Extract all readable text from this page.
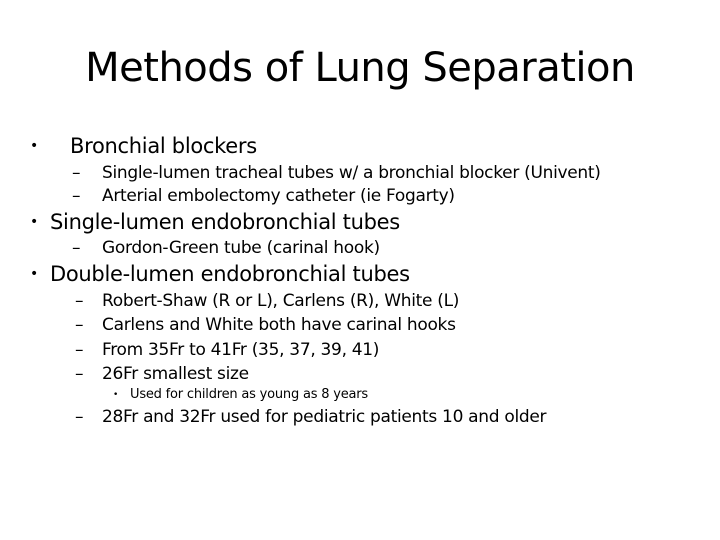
Methods of Lung Separation
• Bronchial blockers
– Single-lumen tracheal tubes w/ a bronchial blocker (Univent)
– Arterial embolectomy catheter (ie Fogarty)
• Single-lumen endobronchial tubes
– Gordon-Green tube (carinal hook)
• Double-lumen endobronchial tubes
– Robert-Shaw (R or L), Carlens (R), White (L)
– Carlens and White both have carinal hooks
– From 35Fr to 41Fr (35, 37, 39, 41)
– 26Fr smallest size
• Used for children as young as 8 years
– 28Fr and 32Fr used for pediatric patients 10 and older
